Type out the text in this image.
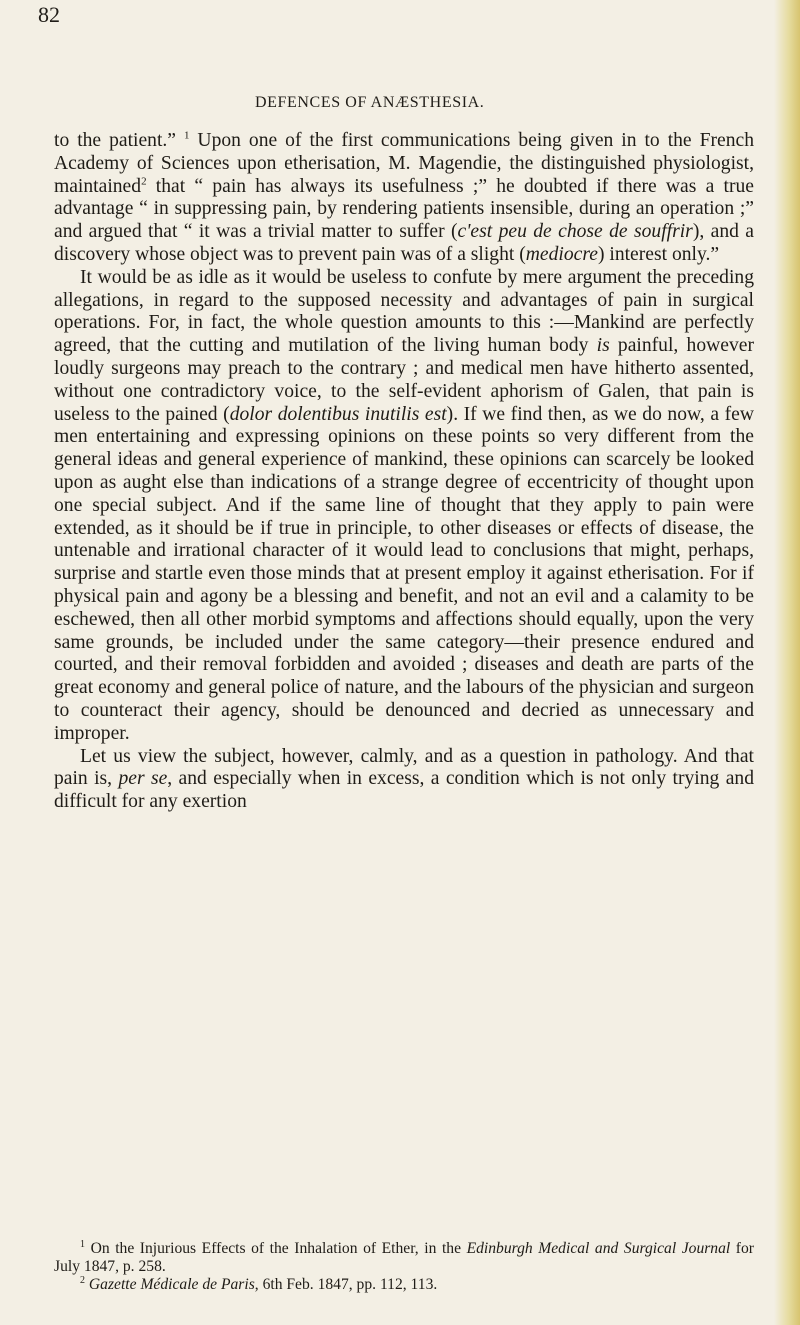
82

DEFENCES OF ANÆSTHESIA.

to the patient.” $^1$ Upon one of the first communications being given in to the French Academy of Sciences upon etherisation, M. Magendie, the distinguished physiologist, maintained$^2$ that “ pain has always its usefulness ;” he doubted if there was a true advantage “ in suppressing pain, by rendering patients insensible, during an operation ;” and argued that “ it was a trivial matter to suffer (c'est peu de chose de souffrir), and a discovery whose object was to prevent pain was of a slight (mediocre) interest only.”

It would be as idle as it would be useless to confute by mere argument the preceding allegations, in regard to the supposed necessity and advantages of pain in surgical operations. For, in fact, the whole question amounts to this :—Mankind are perfectly agreed, that the cutting and mutilation of the living human body is painful, however loudly surgeons may preach to the contrary ; and medical men have hitherto assented, without one contradictory voice, to the self-evident aphorism of Galen, that pain is useless to the pained (dolor dolentibus inutilis est). If we find then, as we do now, a few men entertaining and expressing opinions on these points so very different from the general ideas and general experience of mankind, these opinions can scarcely be looked upon as aught else than indications of a strange degree of eccentricity of thought upon one special subject. And if the same line of thought that they apply to pain were extended, as it should be if true in principle, to other diseases or effects of disease, the untenable and irrational character of it would lead to conclusions that might, perhaps, surprise and startle even those minds that at present employ it against etherisation. For if physical pain and agony be a blessing and benefit, and not an evil and a calamity to be eschewed, then all other morbid symptoms and affections should equally, upon the very same grounds, be included under the same category—their presence endured and courted, and their removal forbidden and avoided ; diseases and death are parts of the great economy and general police of nature, and the labours of the physician and surgeon to counteract their agency, should be denounced and decried as unnecessary and improper.

Let us view the subject, however, calmly, and as a question in pathology. And that pain is, per se, and especially when in excess, a condition which is not only trying and difficult for any exertion

$^1$ On the Injurious Effects of the Inhalation of Ether, in the Edinburgh Medical and Surgical Journal for July 1847, p. 258.

$^2$ Gazette Médicale de Paris, 6th Feb. 1847, pp. 112, 113.
